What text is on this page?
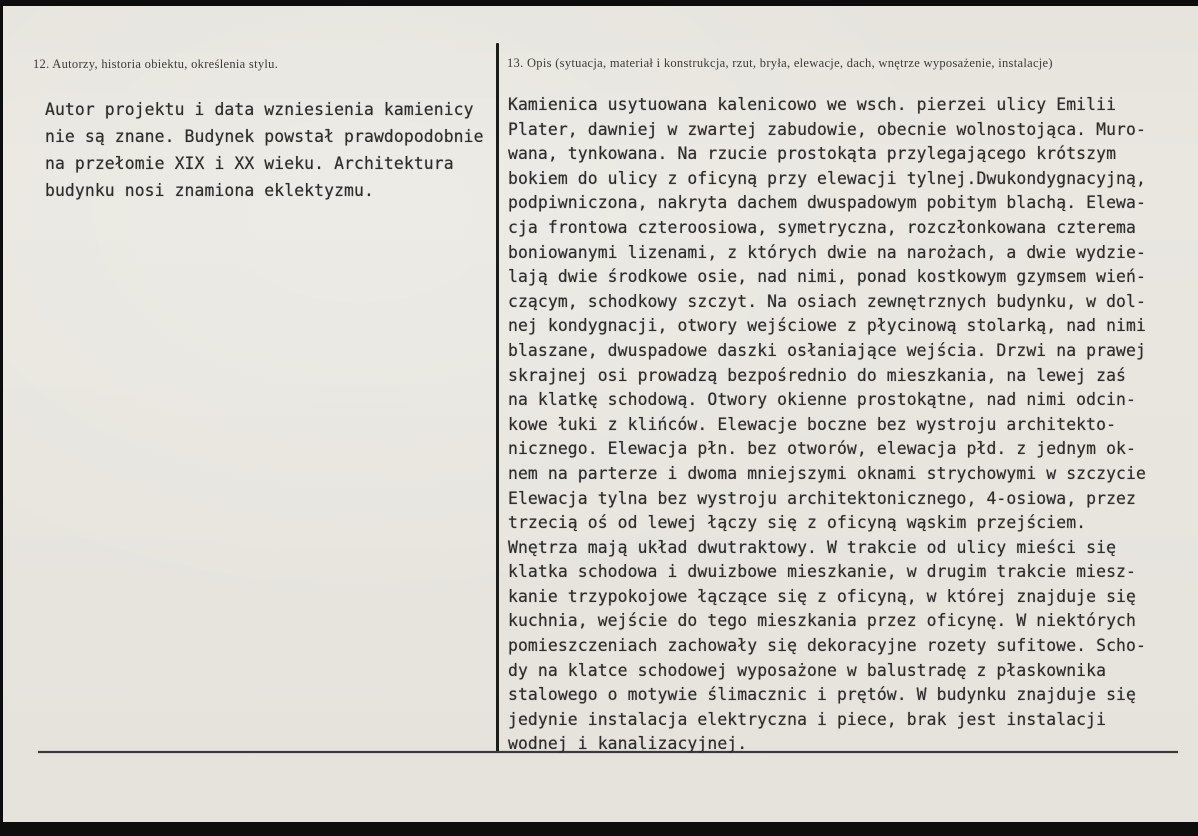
12. Autorzy, historia obiektu, określenia stylu.	13. Opis (sytuacja, materiał i konstrukcja, rzut, bryła, elewacje, dach, wnętrze wyposażenie, instalacje)
Autor projektu i data wzniesienia kamienicy
nie są znane. Budynek powstał prawdopodobnie
na przełomie XIX i XX wieku. Architektura
budynku nosi znamiona eklektyzmu.
Kamienica usytuowana kalenicowo we wsch. pierzei ulicy Emilii
Plater, dawniej w zwartej zabudowie, obecnie wolnostojąca. Muro-
wana, tynkowana. Na rzucie prostokąta przylegającego krótszym
bokiem do ulicy z oficyną przy elewacji tylnej.Dwukondygnacyjną,
podpiwniczona, nakryta dachem dwuspadowym pobitym blachą. Elewa-
cja frontowa czteroosiowa, symetryczna, rozczłonkowana czterema
boniowanymi lizenami, z których dwie na narożach, a dwie wydzie-
lają dwie środkowe osie, nad nimi, ponad kostkowym gzymsem wień-
czącym, schodkowy szczyt. Na osiach zewnętrznych budynku, w dol-
nej kondygnacji, otwory wejściowe z płycinową stolarką, nad nimi
blaszane, dwuspadowe daszki osłaniające wejścia. Drzwi na prawej
skrajnej osi prowadzą bezpośrednio do mieszkania, na lewej zaś
na klatkę schodową. Otwory okienne prostokątne, nad nimi odcin-
kowe łuki z klińców. Elewacje boczne bez wystroju architekto-
nicznego. Elewacja płn. bez otworów, elewacja płd. z jednym ok-
nem na parterze i dwoma mniejszymi oknami strychowymi w szczycie
Elewacja tylna bez wystroju architektonicznego, 4-osiowa, przez
trzecią oś od lewej łączy się z oficyną wąskim przejściem.
Wnętrza mają układ dwutraktowy. W trakcie od ulicy mieści się
klatka schodowa i dwuizbowe mieszkanie, w drugim trakcie miesz-
kanie trzypokojowe łączące się z oficyną, w której znajduje się
kuchnia, wejście do tego mieszkania przez oficynę. W niektórych
pomieszczeniach zachowały się dekoracyjne rozety sufitowe. Scho-
dy na klatce schodowej wyposażone w balustradę z płaskownika
stalowego o motywie ślimacznic i prętów. W budynku znajduje się
jedynie instalacja elektryczna i piece, brak jest instalacji
wodnej i kanalizacyjnej.
